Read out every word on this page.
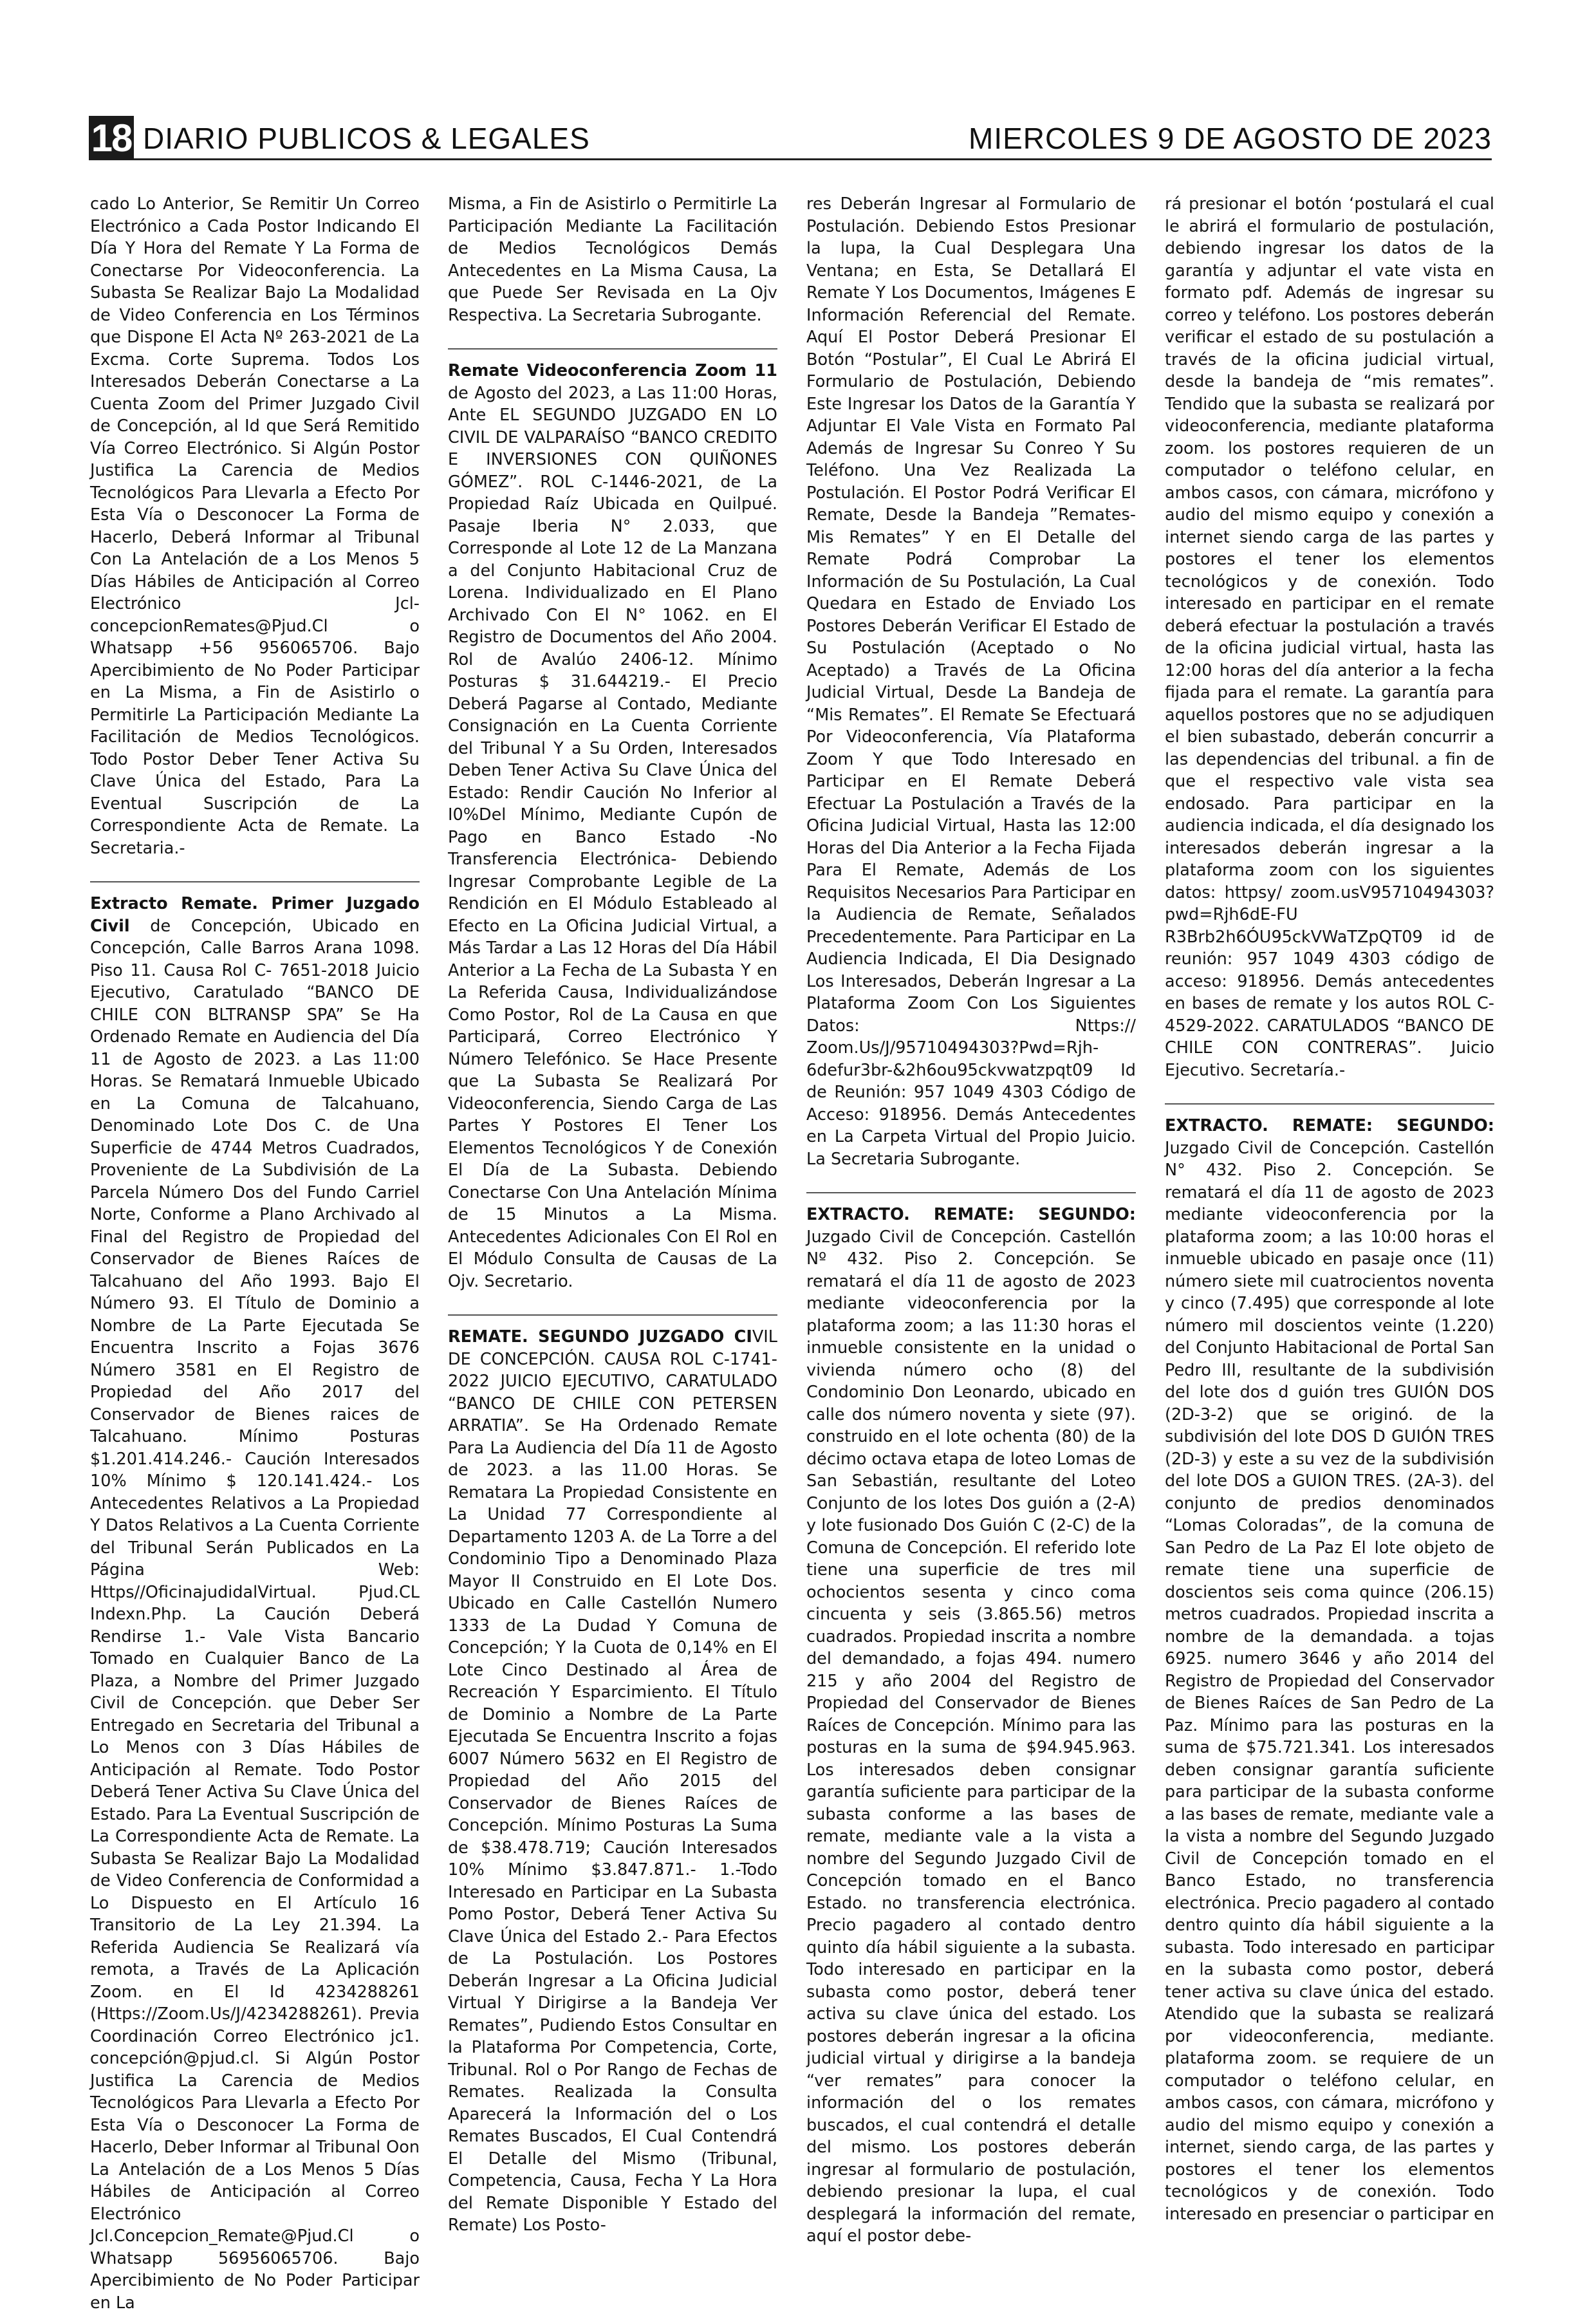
18 DIARIO PUBLICOS & LEGALES	MIERCOLES 9 DE AGOSTO DE 2023

cado Lo Anterior, Se Remitir Un Correo Electrónico a Cada Postor Indicando El Día Y Hora del Remate Y La Forma de Conectarse Por Videoconferencia. La Subasta Se Realizar Bajo La Modalidad de Video Conferencia en Los Términos que Dispone El Acta Nº 263-2021 de La Excma. Corte Suprema. Todos Los Interesados Deberán Conectarse a La Cuenta Zoom del Primer Juzgado Civil de Concepción, al Id que Será Remitido Vía Correo Electrónico. Si Algún Postor Justifica La Carencia de Medios Tecnológicos Para Llevarla a Efecto Por Esta Vía o Desconocer La Forma de Hacerlo, Deberá Informar al Tribunal Con La Antelación de a Los Menos 5 Días Hábiles de Anticipación al Correo Electrónico Jcl-concepcionRemates@Pjud.Cl o Whatsapp +56 956065706. Bajo Apercibimiento de No Poder Participar en La Misma, a Fin de Asistirlo o Permitirle La Participación Mediante La Facilitación de Medios Tecnológicos. Todo Postor Deber Tener Activa Su Clave Única del Estado, Para La Eventual Suscripción de La Correspondiente Acta de Remate. La Secretaria.-

Extracto Remate. Primer Juzgado Civil de Concepción, Ubicado en Concepción, Calle Barros Arana 1098. Piso 11. Causa Rol C- 7651-2018 Juicio Ejecutivo, Caratulado “BANCO DE CHILE CON BLTRANSP SPA” Se Ha Ordenado Remate en Audiencia del Día 11 de Agosto de 2023. a Las 11:00 Horas. Se Rematará Inmueble Ubicado en La Comuna de Talcahuano, Denominado Lote Dos C. de Una Superficie de 4744 Metros Cuadrados, Proveniente de La Subdivisión de La Parcela Número Dos del Fundo Carriel Norte, Conforme a Plano Archivado al Final del Registro de Propiedad del Conservador de Bienes Raíces de Talcahuano del Año 1993. Bajo El Número 93. El Título de Dominio a Nombre de La Parte Ejecutada Se Encuentra Inscrito a Fojas 3676 Número 3581 en El Registro de Propiedad del Año 2017 del Conservador de Bienes raices de Talcahuano. Mínimo Posturas $1.201.414.246.- Caución Interesados 10% Mínimo $ 120.141.424.- Los Antecedentes Relativos a La Propiedad Y Datos Relativos a La Cuenta Corriente del Tribunal Serán Publicados en La Página Web: Https//OficinajudidalVirtual. Pjud.CL Indexn.Php. La Caución Deberá Rendirse 1.- Vale Vista Bancario Tomado en Cualquier Banco de La Plaza, a Nombre del Primer Juzgado Civil de Concepción. que Deber Ser Entregado en Secretaria del Tribunal a Lo Menos con 3 Días Hábiles de Anticipación al Remate. Todo Postor Deberá Tener Activa Su Clave Única del Estado. Para La Eventual Suscripción de La Correspondiente Acta de Remate. La Subasta Se Realizar Bajo La Modalidad de Video Conferencia de Conformidad a Lo Dispuesto en El Artículo 16 Transitorio de La Ley 21.394. La Referida Audiencia Se Realizará vía remota, a Través de La Aplicación Zoom. en El Id 4234288261 (Https://Zoom.Us/J/4234288261). Previa Coordinación Correo Electrónico jc1. concepción@pjud.cl. Si Algún Postor Justifica La Carencia de Medios Tecnológicos Para Llevarla a Efecto Por Esta Vía o Desconocer La Forma de Hacerlo, Deber Informar al Tribunal Oon La Antelación de a Los Menos 5 Días Hábiles de Anticipación al Correo Electrónico Jcl.Concepcion_Remate@Pjud.Cl o Whatsapp 56956065706. Bajo Apercibimiento de No Poder Participar en La

Misma, a Fin de Asistirlo o Permitirle La Participación Mediante La Facilitación de Medios Tecnológicos Demás Antecedentes en La Misma Causa, La que Puede Ser Revisada en La Ojv Respectiva. La Secretaria Subrogante.

Remate Videoconferencia Zoom 11 de Agosto del 2023, a Las 11:00 Horas, Ante EL SEGUNDO JUZGADO EN LO CIVIL DE VALPARAÍSO “BANCO CREDITO E INVERSIONES CON QUIÑONES GÓMEZ”. ROL C-1446-2021, de La Propiedad Raíz Ubicada en Quilpué. Pasaje Iberia N° 2.033, que Corresponde al Lote 12 de La Manzana a del Conjunto Habitacional Cruz de Lorena. Individualizado en El Plano Archivado Con El N° 1062. en El Registro de Documentos del Año 2004. Rol de Avalúo 2406-12. Mínimo Posturas $ 31.644219.- El Precio Deberá Pagarse al Contado, Mediante Consignación en La Cuenta Corriente del Tribunal Y a Su Orden, Interesados Deben Tener Activa Su Clave Única del Estado: Rendir Caución No Inferior al I0%Del Mínimo, Mediante Cupón de Pago en Banco Estado -No Transferencia Electrónica- Debiendo Ingresar Comprobante Legible de La Rendición en El Módulo Estableado al Efecto en La Oficina Judicial Virtual, a Más Tardar a Las 12 Horas del Día Hábil Anterior a La Fecha de La Subasta Y en La Referida Causa, Individualizándose Como Postor, Rol de La Causa en que Participará, Correo Electrónico Y Número Telefónico. Se Hace Presente que La Subasta Se Realizará Por Videoconferencia, Siendo Carga de Las Partes Y Postores El Tener Los Elementos Tecnológicos Y de Conexión El Día de La Subasta. Debiendo Conectarse Con Una Antelación Mínima de 15 Minutos a La Misma. Antecedentes Adicionales Con El Rol en El Módulo Consulta de Causas de La Ojv. Secretario.

REMATE. SEGUNDO JUZGADO CIVIL DE CONCEPCIÓN. CAUSA ROL C-1741-2022 JUICIO EJECUTIVO, CARATULADO “BANCO DE CHILE CON PETERSEN ARRATIA”. Se Ha Ordenado Remate Para La Audiencia del Día 11 de Agosto de 2023. a las 11.00 Horas. Se Rematara La Propiedad Consistente en La Unidad 77 Correspondiente al Departamento 1203 A. de La Torre a del Condominio Tipo a Denominado Plaza Mayor II Construido en El Lote Dos. Ubicado en Calle Castellón Numero 1333 de La Dudad Y Comuna de Concepción; Y la Cuota de 0,14% en El Lote Cinco Destinado al Área de Recreación Y Esparcimiento. El Título de Dominio a Nombre de La Parte Ejecutada Se Encuentra Inscrito a fojas 6007 Número 5632 en El Registro de Propiedad del Año 2015 del Conservador de Bienes Raíces de Concepción. Mínimo Posturas La Suma de $38.478.719; Caución Interesados 10% Mínimo $3.847.871.- 1.-Todo Interesado en Participar en La Subasta Pomo Postor, Deberá Tener Activa Su Clave Única del Estado 2.- Para Efectos de La Postulación. Los Postores Deberán Ingresar a La Oficina Judicial Virtual Y Dirigirse a la Bandeja Ver Remates”, Pudiendo Estos Consultar en la Plataforma Por Competencia, Corte, Tribunal. Rol o Por Rango de Fechas de Remates. Realizada la Consulta Aparecerá la Información del o Los Remates Buscados, El Cual Contendrá El Detalle del Mismo (Tribunal, Competencia, Causa, Fecha Y La Hora del Remate Disponible Y Estado del Remate) Los Posto-

res Deberán Ingresar al Formulario de Postulación. Debiendo Estos Presionar la lupa, la Cual Desplegara Una Ventana; en Esta, Se Detallará El Remate Y Los Documentos, Imágenes E Información Referencial del Remate. Aquí El Postor Deberá Presionar El Botón “Postular”, El Cual Le Abrirá El Formulario de Postulación, Debiendo Este Ingresar los Datos de la Garantía Y Adjuntar El Vale Vista en Formato Pal Además de Ingresar Su Conreo Y Su Teléfono. Una Vez Realizada La Postulación. El Postor Podrá Verificar El Remate, Desde la Bandeja ”Remates- Mis Remates” Y en El Detalle del Remate Podrá Comprobar La Información de Su Postulación, La Cual Quedara en Estado de Enviado Los Postores Deberán Verificar El Estado de Su Postulación (Aceptado o No Aceptado) a Través de La Oficina Judicial Virtual, Desde La Bandeja de “Mis Remates”. El Remate Se Efectuará Por Videoconferencia, Vía Plataforma Zoom Y que Todo Interesado en Participar en El Remate Deberá Efectuar La Postulación a Través de la Oficina Judicial Virtual, Hasta las 12:00 Horas del Dia Anterior a la Fecha Fijada Para El Remate, Además de Los Requisitos Necesarios Para Participar en la Audiencia de Remate, Señalados Precedentemente. Para Participar en La Audiencia Indicada, El Dia Designado Los Interesados, Deberán Ingresar a La Plataforma Zoom Con Los Siguientes Datos: Nttps:// Zoom.Us/J/95710494303?Pwd=Rjh-6defur3br-&2h6ou95ckvwatzpqt09 Id de Reunión: 957 1049 4303 Código de Acceso: 918956. Demás Antecedentes en La Carpeta Virtual del Propio Juicio. La Secretaria Subrogante.

EXTRACTO. REMATE: SEGUNDO: Juzgado Civil de Concepción. Castellón Nº 432. Piso 2. Concepción. Se rematará el día 11 de agosto de 2023 mediante videoconferencia por la plataforma zoom; a las 11:30 horas el inmueble consistente en la unidad o vivienda número ocho (8) del Condominio Don Leonardo, ubicado en calle dos número noventa y siete (97). construido en el lote ochenta (80) de la décimo octava etapa de loteo Lomas de San Sebastián, resultante del Loteo Conjunto de los lotes Dos guión a (2-A) y lote fusionado Dos Guión C (2-C) de la Comuna de Concepción. El referido lote tiene una superficie de tres mil ochocientos sesenta y cinco coma cincuenta y seis (3.865.56) metros cuadrados. Propiedad inscrita a nombre del demandado, a fojas 494. numero 215 y año 2004 del Registro de Propiedad del Conservador de Bienes Raíces de Concepción. Mínimo para las posturas en la suma de $94.945.963. Los interesados deben consignar garantía suficiente para participar de la subasta conforme a las bases de remate, mediante vale a la vista a nombre del Segundo Juzgado Civil de Concepción tomado en el Banco Estado. no transferencia electrónica. Precio pagadero al contado dentro quinto día hábil siguiente a la subasta. Todo interesado en participar en la subasta como postor, deberá tener activa su clave única del estado. Los postores deberán ingresar a la oficina judicial virtual y dirigirse a la bandeja “ver remates” para conocer la información del o los remates buscados, el cual contendrá el detalle del mismo. Los postores deberán ingresar al formulario de postulación, debiendo presionar la lupa, el cual desplegará la información del remate, aquí el postor debe-

rá presionar el botón ‘postulará el cual le abrirá el formulario de postulación, debiendo ingresar los datos de la garantía y adjuntar el vate vista en formato pdf. Además de ingresar su correo y teléfono. Los postores deberán verificar el estado de su postulación a través de la oficina judicial virtual, desde la bandeja de “mis remates”. Tendido que la subasta se realizará por videoconferencia, mediante plataforma zoom. los postores requieren de un computador o teléfono celular, en ambos casos, con cámara, micrófono y audio del mismo equipo y conexión a internet siendo carga de las partes y postores el tener los elementos tecnológicos y de conexión. Todo interesado en participar en el remate deberá efectuar la postulación a través de la oficina judicial virtual, hasta las 12:00 horas del día anterior a la fecha fijada para el remate. La garantía para aquellos postores que no se adjudiquen el bien subastado, deberán concurrir a las dependencias del tribunal. a fin de que el respectivo vale vista sea endosado. Para participar en la audiencia indicada, el día designado los interesados deberán ingresar a la plataforma zoom con los siguientes datos: httpsy/ zoom.usV95710494303?pwd=Rjh6dE-FU R3Brb2h6ÓU95ckVWaTZpQT09 id de reunión: 957 1049 4303 código de acceso: 918956. Demás antecedentes en bases de remate y los autos ROL C-4529-2022. CARATULADOS “BANCO DE CHILE CON CONTRERAS”. Juicio Ejecutivo. Secretaría.-

EXTRACTO. REMATE: SEGUNDO: Juzgado Civil de Concepción. Castellón N° 432. Piso 2. Concepción. Se rematará el día 11 de agosto de 2023 mediante videoconferencia por la plataforma zoom; a las 10:00 horas el inmueble ubicado en pasaje once (11) número siete mil cuatrocientos noventa y cinco (7.495) que corresponde al lote número mil doscientos veinte (1.220) del Conjunto Habitacional de Portal San Pedro III, resultante de la subdivisión del lote dos d guión tres GUIÓN DOS (2D-3-2) que se originó. de la subdivisión del lote DOS D GUIÓN TRES (2D-3) y este a su vez de la subdivisión del lote DOS a GUION TRES. (2A-3). del conjunto de predios denominados “Lomas Coloradas”, de la comuna de San Pedro de La Paz El lote objeto de remate tiene una superficie de doscientos seis coma quince (206.15) metros cuadrados. Propiedad inscrita a nombre de la demandada. a tojas 6925. numero 3646 y año 2014 del Registro de Propiedad del Conservador de Bienes Raíces de San Pedro de La Paz. Mínimo para las posturas en la suma de $75.721.341. Los interesados deben consignar garantía suficiente para participar de la subasta conforme a las bases de remate, mediante vale a la vista a nombre del Segundo Juzgado Civil de Concepción tomado en el Banco Estado, no transferencia electrónica. Precio pagadero al contado dentro quinto día hábil siguiente a la subasta. Todo interesado en participar en la subasta como postor, deberá tener activa su clave única del estado. Atendido que la subasta se realizará por videoconferencia, mediante. plataforma zoom. se requiere de un computador o teléfono celular, en ambos casos, con cámara, micrófono y audio del mismo equipo y conexión a internet, siendo carga, de las partes y postores el tener los elementos tecnológicos y de conexión. Todo interesado en presenciar o participar en
